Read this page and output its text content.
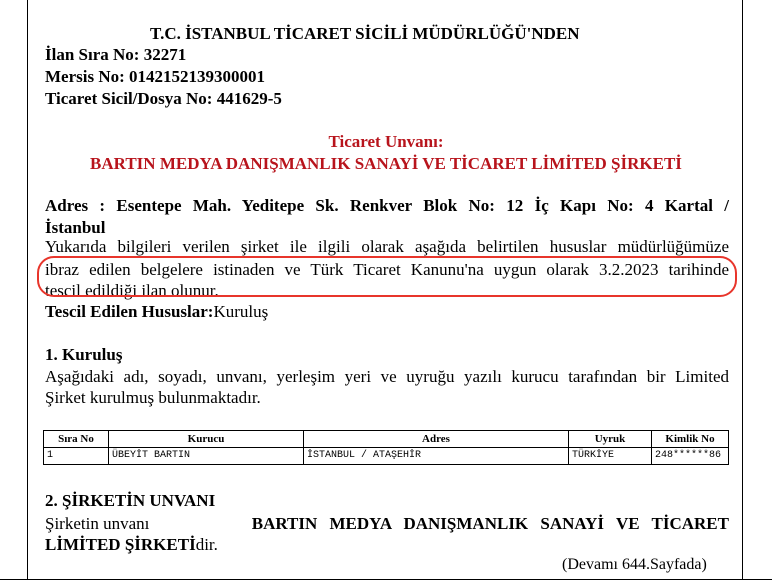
T.C. İSTANBUL TİCARET SİCİLİ MÜDÜRLÜĞÜ'NDEN

İlan Sıra No: 32271

Mersis No: 0142152139300001

Ticaret Sicil/Dosya No: 441629-5

Ticaret Unvanı:

BARTIN MEDYA DANIŞMANLIK SANAYİ VE TİCARET LİMİTED ŞİRKETİ

Adres : Esentepe Mah. Yeditepe Sk. Renkver Blok No: 12 İç Kapı No: 4 Kartal /

İstanbul

Yukarıda bilgileri verilen şirket ile ilgili olarak aşağıda belirtilen hususlar müdürlüğümüze

ibraz edilen belgelere istinaden ve Türk Ticaret Kanunu'na uygun olarak 3.2.2023 tarihinde

tescil edildiği ilan olunur.

Tescil Edilen Hususlar:Kuruluş

1. Kuruluş

Aşağıdaki adı, soyadı, unvanı, yerleşim yeri ve uyruğu yazılı kurucu tarafından bir Limited

Şirket kurulmuş bulunmaktadır.

Sıra No	Kurucu	Adres	Uyruk	Kimlik No
1	ÜBEYİT BARTIN	İSTANBUL / ATAŞEHİR	TÜRKİYE	248******86

2. ŞİRKETİN UNVANI

Şirketin unvanı	BARTIN MEDYA DANIŞMANLIK SANAYİ VE TİCARET

LİMİTED ŞİRKETİdir.

(Devamı 644.Sayfada)
